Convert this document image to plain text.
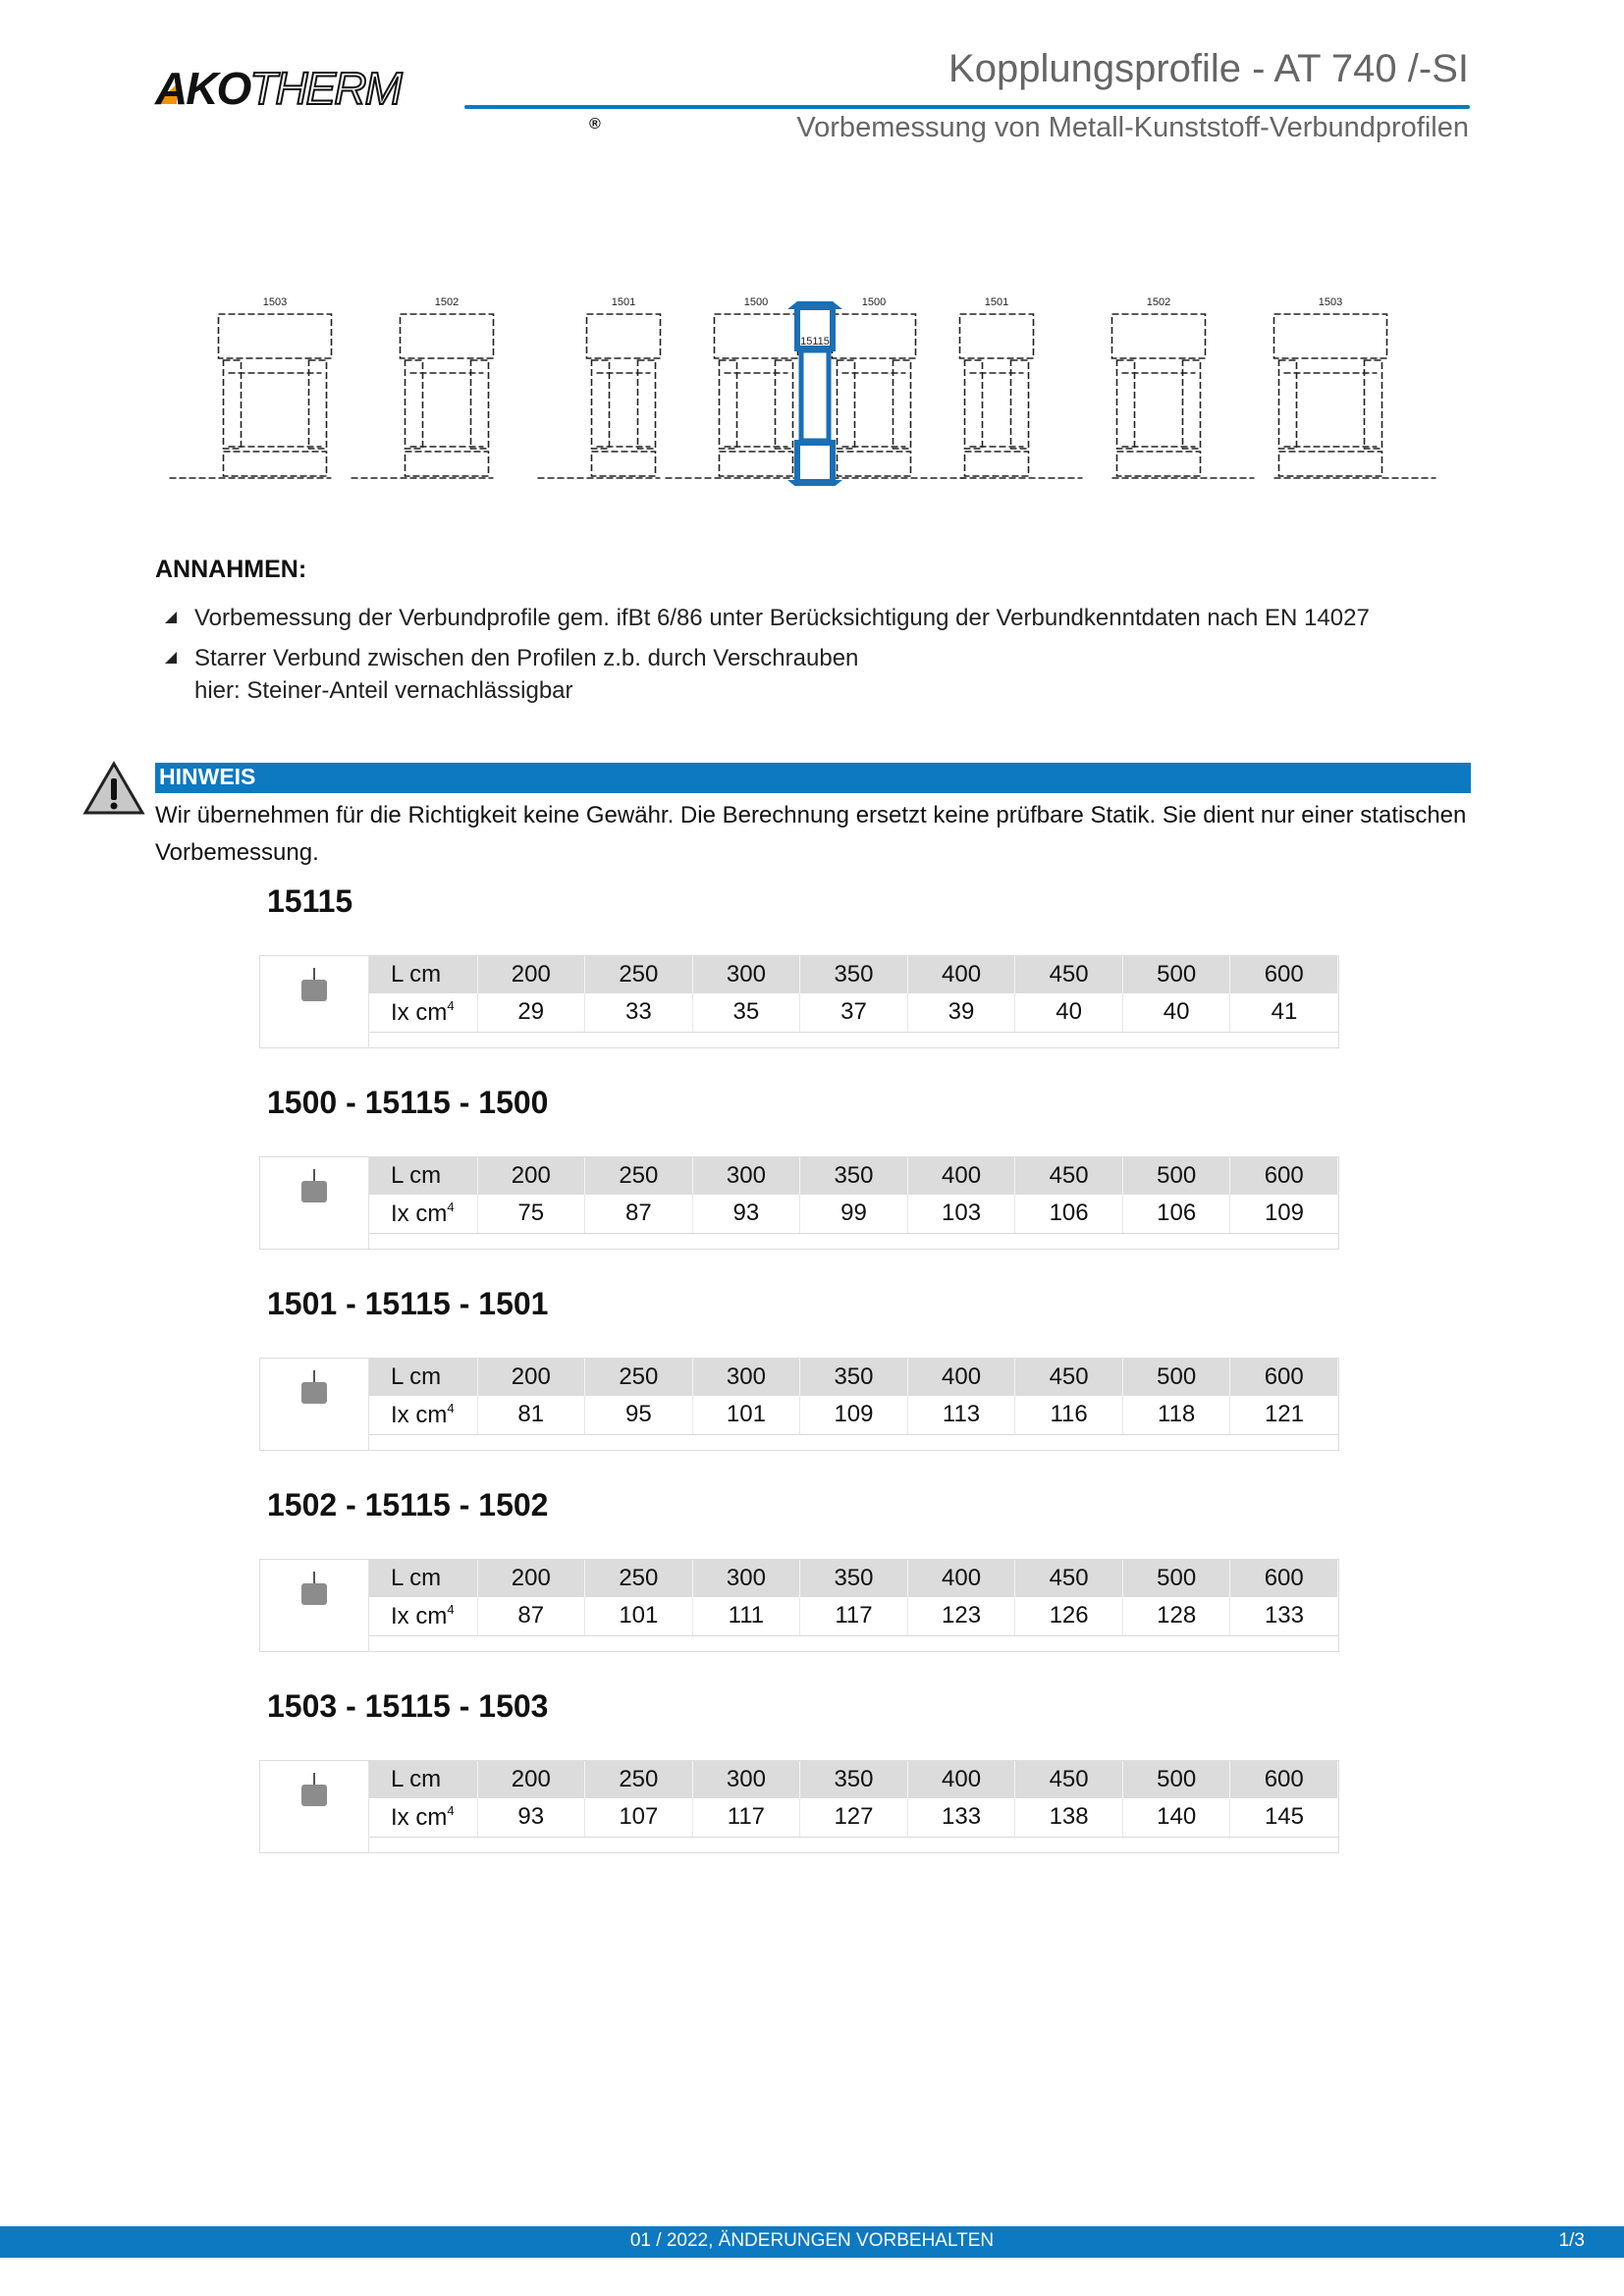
AKOTHERM
®
Kopplungsprofile - AT 740 /-SI
Vorbemessung von Metall-Kunststoff-Verbundprofilen
1503	1502	1501	1500	1500	1501	1502	1503
15115
ANNAHMEN:
Vorbemessung der Verbundprofile gem. ifBt 6/86 unter Berücksichtigung der Verbundkenntdaten nach EN 14027
Starrer Verbund zwischen den Profilen z.b. durch Verschrauben
hier: Steiner-Anteil vernachlässigbar
HINWEIS
Wir übernehmen für die Richtigkeit keine Gewähr. Die Berechnung ersetzt keine prüfbare Statik. Sie dient nur einer statischen Vorbemessung.
15115
L cm	200	250	300	350	400	450	500	600
Ix $cm^4$	29	33	35	37	39	40	40	41
1500 - 15115 - 1500
L cm	200	250	300	350	400	450	500	600
Ix $cm^4$	75	87	93	99	103	106	106	109
1501 - 15115 - 1501
L cm	200	250	300	350	400	450	500	600
Ix $cm^4$	81	95	101	109	113	116	118	121
1502 - 15115 - 1502
L cm	200	250	300	350	400	450	500	600
Ix $cm^4$	87	101	111	117	123	126	128	133
1503 - 15115 - 1503
L cm	200	250	300	350	400	450	500	600
Ix $cm^4$	93	107	117	127	133	138	140	145
01 / 2022, ÄNDERUNGEN VORBEHALTEN	1/3
